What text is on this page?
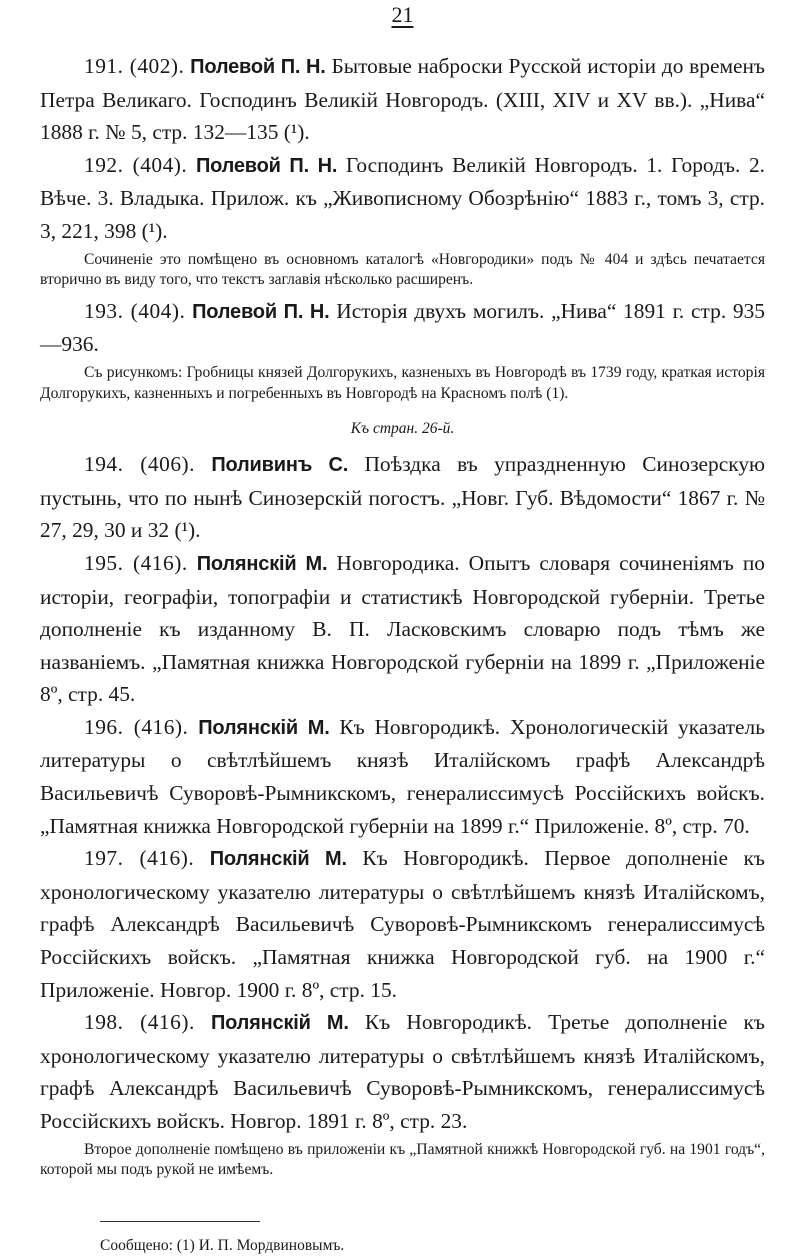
21

191. (402). Полевой П. Н. Бытовые наброски Русской исторіи до временъ Петра Великаго. Господинъ Великій Новгородъ. (XIII, XIV и XV вв.). „Нива“ 1888 г. № 5, стр. 132—135 (¹).

192. (404). Полевой П. Н. Господинъ Великій Новгородъ. 1. Городъ. 2. Вѣче. 3. Владыка. Прилож. къ „Живописному Обозрѣнію“ 1883 г., томъ 3, стр. 3, 221, 398 (¹).

Сочиненіе это помѣщено въ основномъ каталогѣ «Новгородики» подъ № 404 и здѣсь печатается вторично въ виду того, что текстъ заглавія нѣсколько расширенъ.

193. (404). Полевой П. Н. Исторія двухъ могилъ. „Нива“ 1891 г. стр. 935—936.

Съ рисункомъ: Гробницы князей Долгорукихъ, казненыхъ въ Новгородѣ въ 1739 году, краткая исторія Долгорукихъ, казненныхъ и погребенныхъ въ Новгородѣ на Красномъ полѣ (1).
Къ стран. 26-й.

194. (406). Поливинъ С. Поѣздка въ упраздненную Синозерскую пустынь, что по нынѣ Синозерскій погостъ. „Новг. Губ. Вѣдомости“ 1867 г. № 27, 29, 30 и 32 (¹).

195. (416). Полянскій М. Новгородика. Опытъ словаря сочиненіямъ по исторіи, географіи, топографіи и статистикѣ Новгородской губерніи. Третье дополненіе къ изданному В. П. Ласковскимъ словарю подъ тѣмъ же названіемъ. „Памятная книжка Новгородской губерніи на 1899 г. „Приложеніе 8º, стр. 45.

196. (416). Полянскій М. Къ Новгородикѣ. Хронологическій указатель литературы о свѣтлѣйшемъ князѣ Италійскомъ графѣ Александрѣ Васильевичѣ Суворовѣ-Рымникскомъ, генералиссимусѣ Россійскихъ войскъ. „Памятная книжка Новгородской губерніи на 1899 г.“ Приложеніе. 8º, стр. 70.

197. (416). Полянскій М. Къ Новгородикѣ. Первое дополненіе къ хронологическому указателю литературы о свѣтлѣйшемъ князѣ Италійскомъ, графѣ Александрѣ Васильевичѣ Суворовѣ-Рымникскомъ генералиссимусѣ Россійскихъ войскъ. „Памятная книжка Новгородской губ. на 1900 г.“ Приложеніе. Новгор. 1900 г. 8º, стр. 15.

198. (416). Полянскій М. Къ Новгородикѣ. Третье дополненіе къ хронологическому указателю литературы о свѣтлѣйшемъ князѣ Италійскомъ, графѣ Александрѣ Васильевичѣ Суворовѣ-Рымникскомъ, генералиссимусѣ Россійскихъ войскъ. Новгор. 1891 г. 8º, стр. 23.

Второе дополненіе помѣщено въ приложеніи къ „Памятной книжкѣ Новгородской губ. на 1901 годъ“, которой мы подъ рукой не имѣемъ.
Сообщено: (1) И. П. Мордвиновымъ.
